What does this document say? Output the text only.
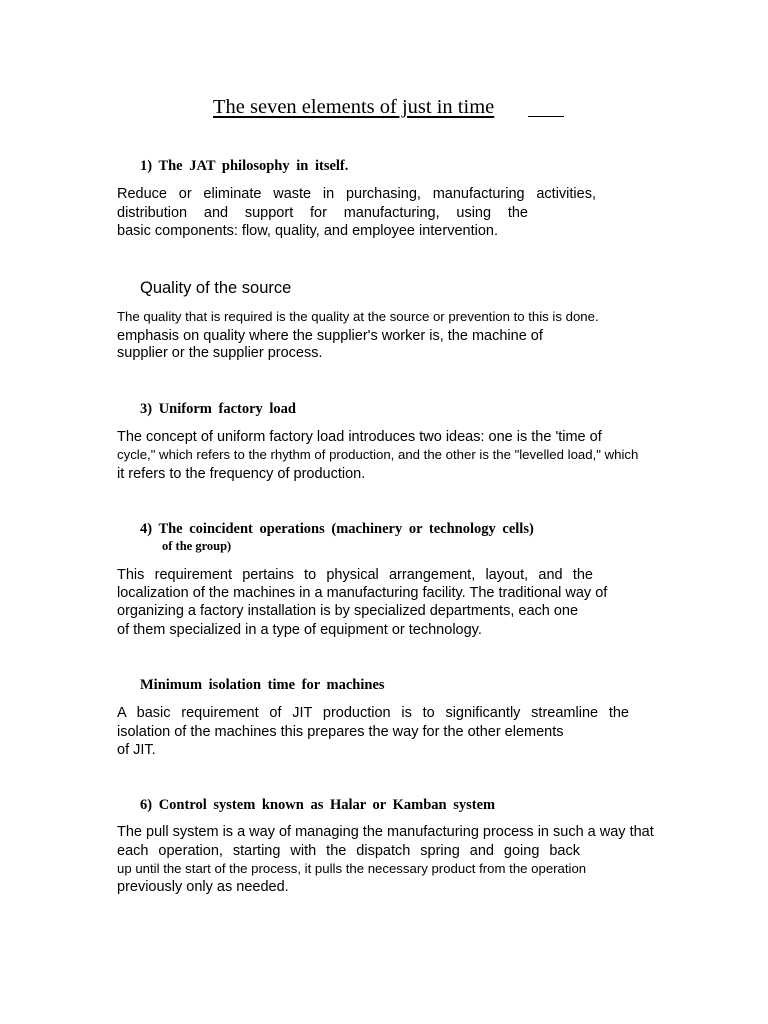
The seven elements of just in time
1) The JAT philosophy in itself.
Reduce or eliminate waste in purchasing, manufacturing activities,
distribution and support for manufacturing, using the
basic components: flow, quality, and employee intervention.
Quality of the source
The quality that is required is the quality at the source or prevention to this is done.
emphasis on quality where the supplier's worker is, the machine of
supplier or the supplier process.
3) Uniform factory load
The concept of uniform factory load introduces two ideas: one is the 'time of
cycle," which refers to the rhythm of production, and the other is the "levelled load," which
it refers to the frequency of production.
4) The coincident operations (machinery or technology cells)
of the group)
This requirement pertains to physical arrangement, layout, and the
localization of the machines in a manufacturing facility. The traditional way of
organizing a factory installation is by specialized departments, each one
of them specialized in a type of equipment or technology.
Minimum isolation time for machines
A basic requirement of JIT production is to significantly streamline the
isolation of the machines this prepares the way for the other elements
of JIT.
6) Control system known as Halar or Kamban system
The pull system is a way of managing the manufacturing process in such a way that
each operation, starting with the dispatch spring and going back
up until the start of the process, it pulls the necessary product from the operation
previously only as needed.
